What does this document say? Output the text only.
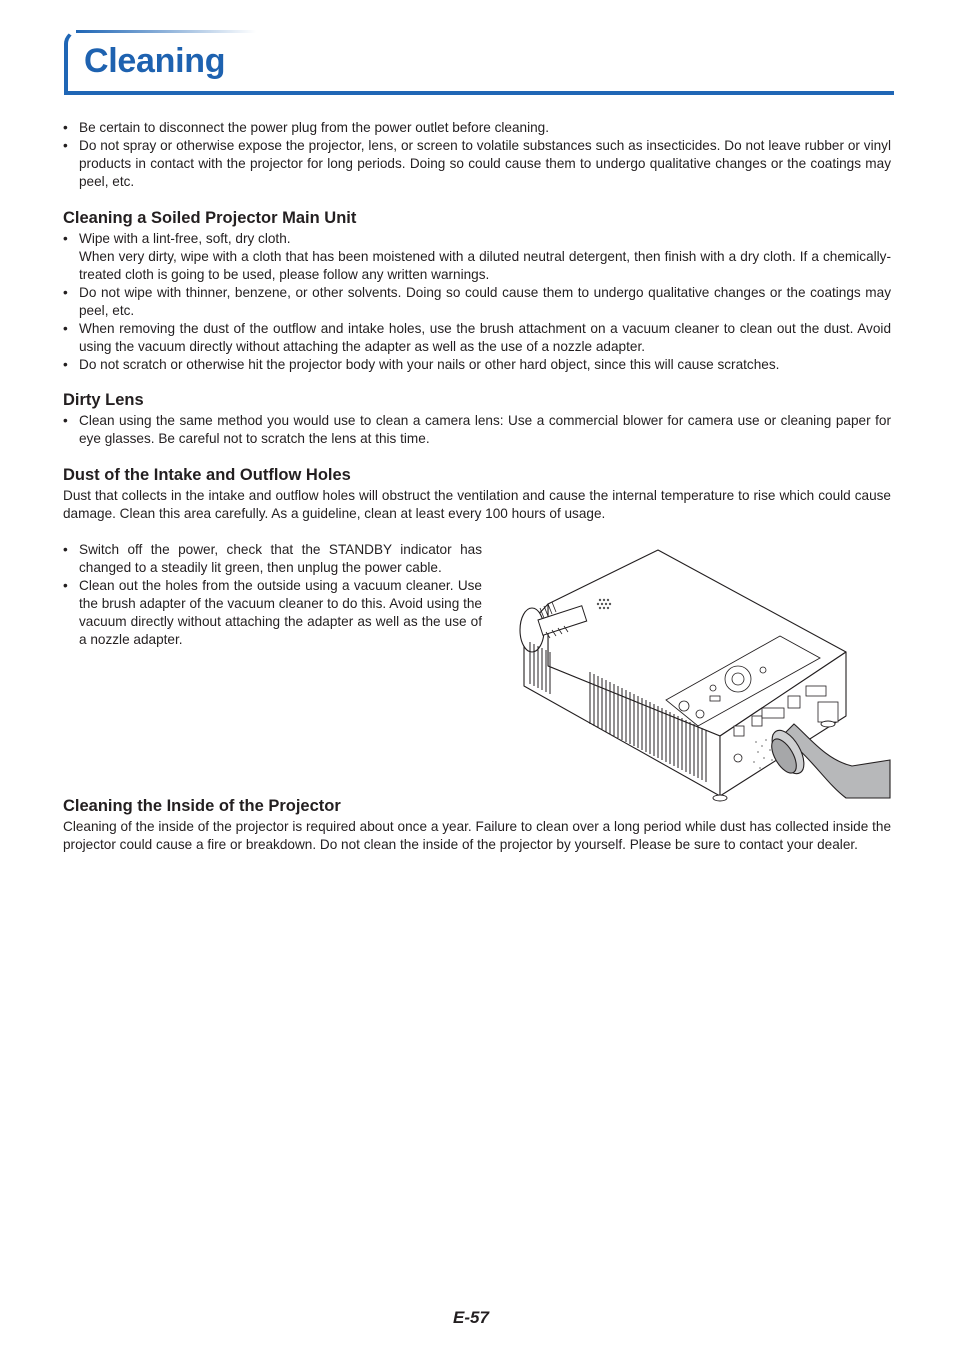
Cleaning
• Be certain to disconnect the power plug from the power outlet before cleaning.
• Do not spray or otherwise expose the projector, lens, or screen to volatile substances such as insecticides. Do not leave rubber or vinyl products in contact with the projector for long periods. Doing so could cause them to undergo qualitative changes or the coatings may peel, etc.
Cleaning a Soiled Projector Main Unit
• Wipe with a lint-free, soft, dry cloth.
When very dirty, wipe with a cloth that has been moistened with a diluted neutral detergent, then finish with a dry cloth. If a chemically-treated cloth is going to be used, please follow any written warnings.
• Do not wipe with thinner, benzene, or other solvents. Doing so could cause them to undergo qualitative changes or the coatings may peel, etc.
• When removing the dust of the outflow and intake holes, use the brush attachment on a vacuum cleaner to clean out the dust. Avoid using the vacuum directly without attaching the adapter as well as the use of a nozzle adapter.
• Do not scratch or otherwise hit the projector body with your nails or other hard object, since this will cause scratches.
Dirty Lens
• Clean using the same method you would use to clean a camera lens: Use a commercial blower for camera use or cleaning paper for eye glasses. Be careful not to scratch the lens at this time.
Dust of the Intake and Outflow Holes
Dust that collects in the intake and outflow holes will obstruct the ventilation and cause the internal temperature to rise which could cause damage. Clean this area carefully. As a guideline, clean at least every 100 hours of usage.
• Switch off the power, check that the STANDBY indicator has changed to a steadily lit green, then unplug the power cable.
• Clean out the holes from the outside using a vacuum cleaner. Use the brush adapter of the vacuum cleaner to do this. Avoid using the vacuum directly without attaching the adapter as well as the use of a nozzle adapter.
Cleaning the Inside of the Projector
Cleaning of the inside of the projector is required about once a year. Failure to clean over a long period while dust has collected inside the projector could cause a fire or breakdown. Do not clean the inside of the projector by yourself. Please be sure to contact your dealer.
E-57
